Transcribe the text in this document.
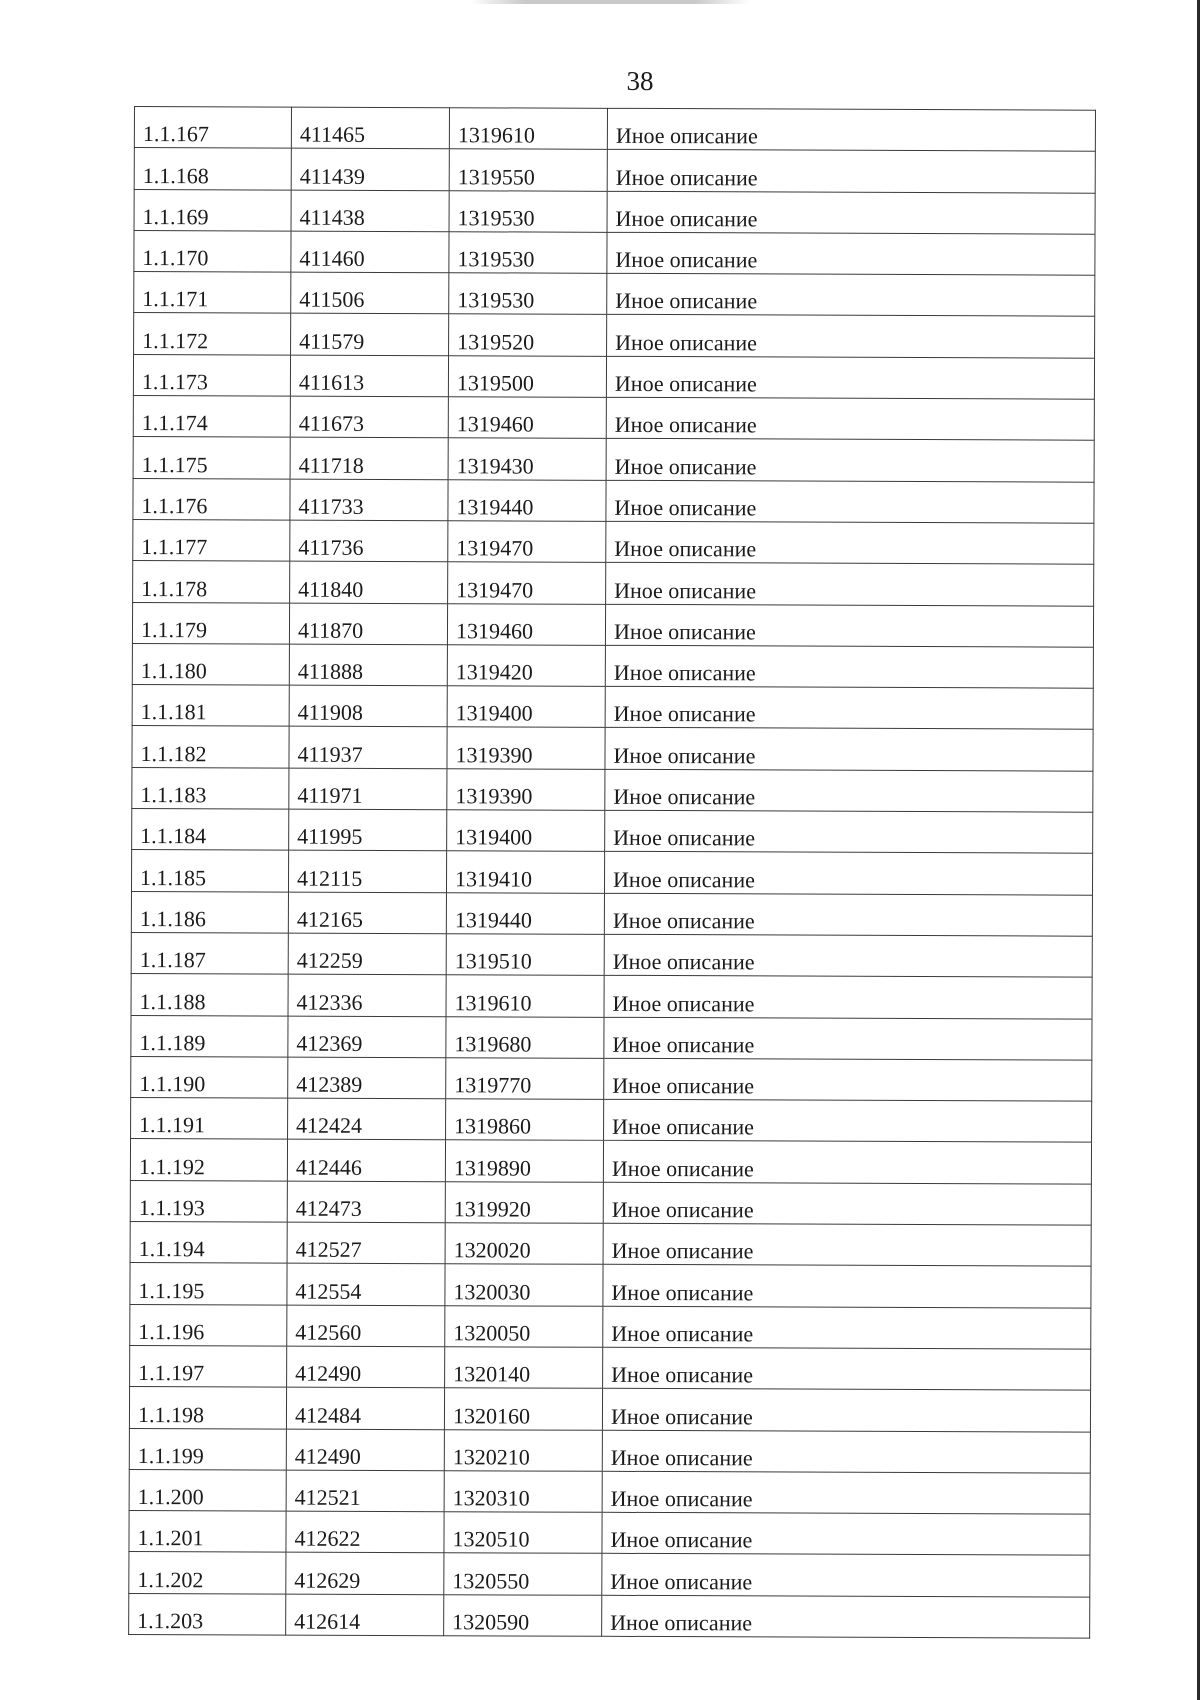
38
1.1.167	411465	1319610	Иное описание
1.1.168	411439	1319550	Иное описание
1.1.169	411438	1319530	Иное описание
1.1.170	411460	1319530	Иное описание
1.1.171	411506	1319530	Иное описание
1.1.172	411579	1319520	Иное описание
1.1.173	411613	1319500	Иное описание
1.1.174	411673	1319460	Иное описание
1.1.175	411718	1319430	Иное описание
1.1.176	411733	1319440	Иное описание
1.1.177	411736	1319470	Иное описание
1.1.178	411840	1319470	Иное описание
1.1.179	411870	1319460	Иное описание
1.1.180	411888	1319420	Иное описание
1.1.181	411908	1319400	Иное описание
1.1.182	411937	1319390	Иное описание
1.1.183	411971	1319390	Иное описание
1.1.184	411995	1319400	Иное описание
1.1.185	412115	1319410	Иное описание
1.1.186	412165	1319440	Иное описание
1.1.187	412259	1319510	Иное описание
1.1.188	412336	1319610	Иное описание
1.1.189	412369	1319680	Иное описание
1.1.190	412389	1319770	Иное описание
1.1.191	412424	1319860	Иное описание
1.1.192	412446	1319890	Иное описание
1.1.193	412473	1319920	Иное описание
1.1.194	412527	1320020	Иное описание
1.1.195	412554	1320030	Иное описание
1.1.196	412560	1320050	Иное описание
1.1.197	412490	1320140	Иное описание
1.1.198	412484	1320160	Иное описание
1.1.199	412490	1320210	Иное описание
1.1.200	412521	1320310	Иное описание
1.1.201	412622	1320510	Иное описание
1.1.202	412629	1320550	Иное описание
1.1.203	412614	1320590	Иное описание
